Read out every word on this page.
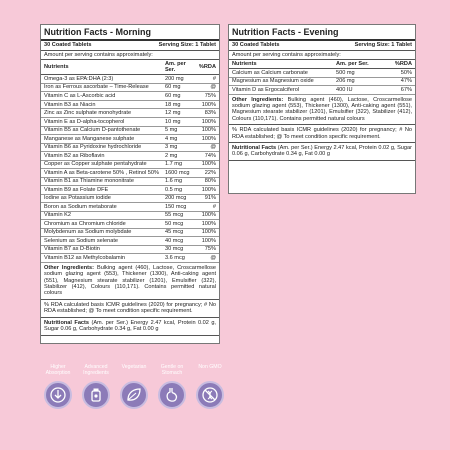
Nutrition Facts - Morning
30 Coated Tablets	Serving Size: 1 Tablet
Amount per serving contains approximately:
Nutrients	Am. per Ser.	%RDA
Omega-3 as EPA:DHA (2:3)	200 mg	#
Iron as Ferrous ascorbate – Time-Release	60 mg	@
Vitamin C as L-Ascorbic acid	60 mg	75%
Vitamin B3 as Niacin	18 mg	100%
Zinc as Zinc sulphate monohydrate	12 mg	83%
Vitamin E as D-alpha-tocopherol	10 mg	100%
Vitamin B5 as Calcium D-pantothenate	5 mg	100%
Manganese as Manganese sulphate	4 mg	100%
Vitamin B6 as Pyridoxine hydrochloride	3 mg	@
Vitamin B2 as Riboflavin	2 mg	74%
Copper as Copper sulphate pentahydrate	1.7 mg	100%
Vitamin A as Beta-carotene 50% , Retinol 50%	1600 mcg	22%
Vitamin B1 as Thiamine mononitrate	1.6 mg	80%
Vitamin B9 as Folate DFE	0.5 mg	100%
Iodine as Potassium iodide	200 mcg	91%
Boron as Sodium metaborate	150 mcg	#
Vitamin K2	55 mcg	100%
Chromium as Chromium chloride	50 mcg	100%
Molybdenum as Sodium molybdate	45 mcg	100%
Selenium as Sodium selenate	40 mcg	100%
Vitamin B7 as D-Biotin	30 mcg	75%
Vitamin B12 as Methylcobalamin	3.6 mcg	@
Other Ingredients: Bulking agent (460), Lactose, Croscarmellose sodium glazing agent (553), Thickener (1300), Anti-caking agent (551), Magnesium stearate stabilizer (1201), Emulsifier (322), Stabilizer (412), Colours (110,171). Contains permitted natural colours
% RDA calculated basis ICMR guidelines (2020) for pregnancy; # No RDA established; @ To meet condition specific requirement.
Nutritional Facts (Am. per Ser.) Energy 2.47 kcal, Protein 0.02 g, Sugar 0.06 g, Carbohydrate 0.34 g, Fat 0.00 g
Nutrition Facts - Evening
30 Coated Tablets	Serving Size: 1 Tablet
Amount per serving contains approximately:
Nutrients	Am. per Ser.	%RDA
Calcium as Calcium carbonate	500 mg	50%
Magnesium as Magnesium oxide	206 mg	47%
Vitamin D as Ergocalciferol	400 IU	67%
Other Ingredients: Bulking agent (460), Lactose, Croscarmellose sodium glazing agent (553), Thickener (1300), Anti-caking agent (551), Magnesium stearate stabilizer (1201), Emulsifier (322), Stabilizer (412), Colours (110,171). Contains permitted natural colours
% RDA calculated basis ICMR guidelines (2020) for pregnancy; # No RDA established; @ To meet condition specific requirement.
Nutritional Facts (Am. per Ser.) Energy 2.47 kcal, Protein 0.02 g, Sugar 0.06 g, Carbohydrate 0.34 g, Fat 0.00 g
Higher Absorption
Advanced Ingredients
Vegetarian	Gentle on Stomach
Non GMO
